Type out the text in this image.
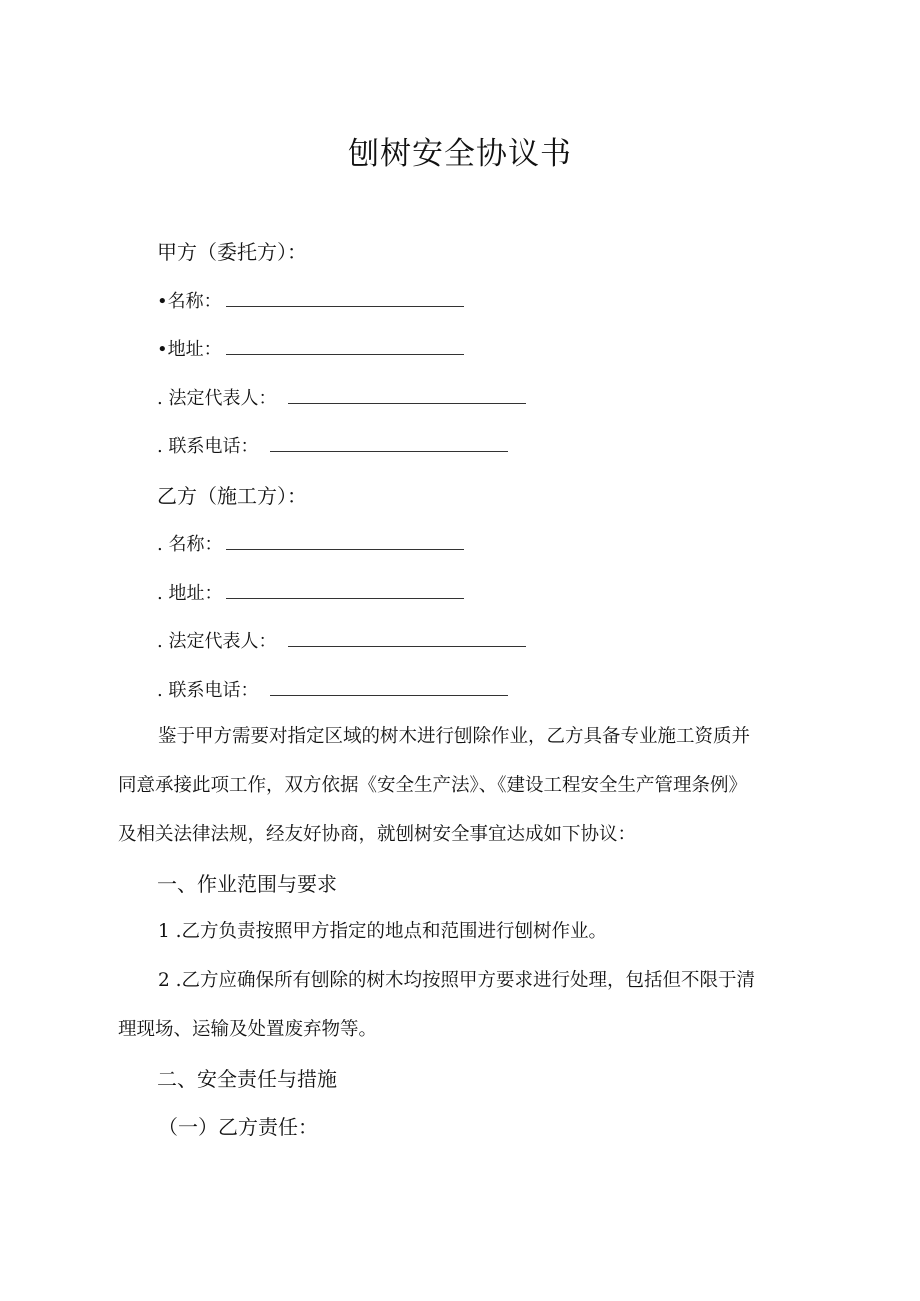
刨树安全协议书
甲方（委托方）：
•名称：
•地址：
. 法定代表人：
. 联系电话：
乙方（施工方）：
. 名称：
. 地址：
. 法定代表人：
. 联系电话：

鉴于甲方需要对指定区域的树木进行刨除作业，乙方具备专业施工资质并

同意承接此项工作，双方依据《安全生产法》、《建设工程安全生产管理条例》

及相关法律法规，经友好协商，就刨树安全事宜达成如下协议：

一、作业范围与要求

1 .乙方负责按照甲方指定的地点和范围进行刨树作业。

2 .乙方应确保所有刨除的树木均按照甲方要求进行处理，包括但不限于清

理现场、运输及处置废弃物等。

二、安全责任与措施
（一）乙方责任：
